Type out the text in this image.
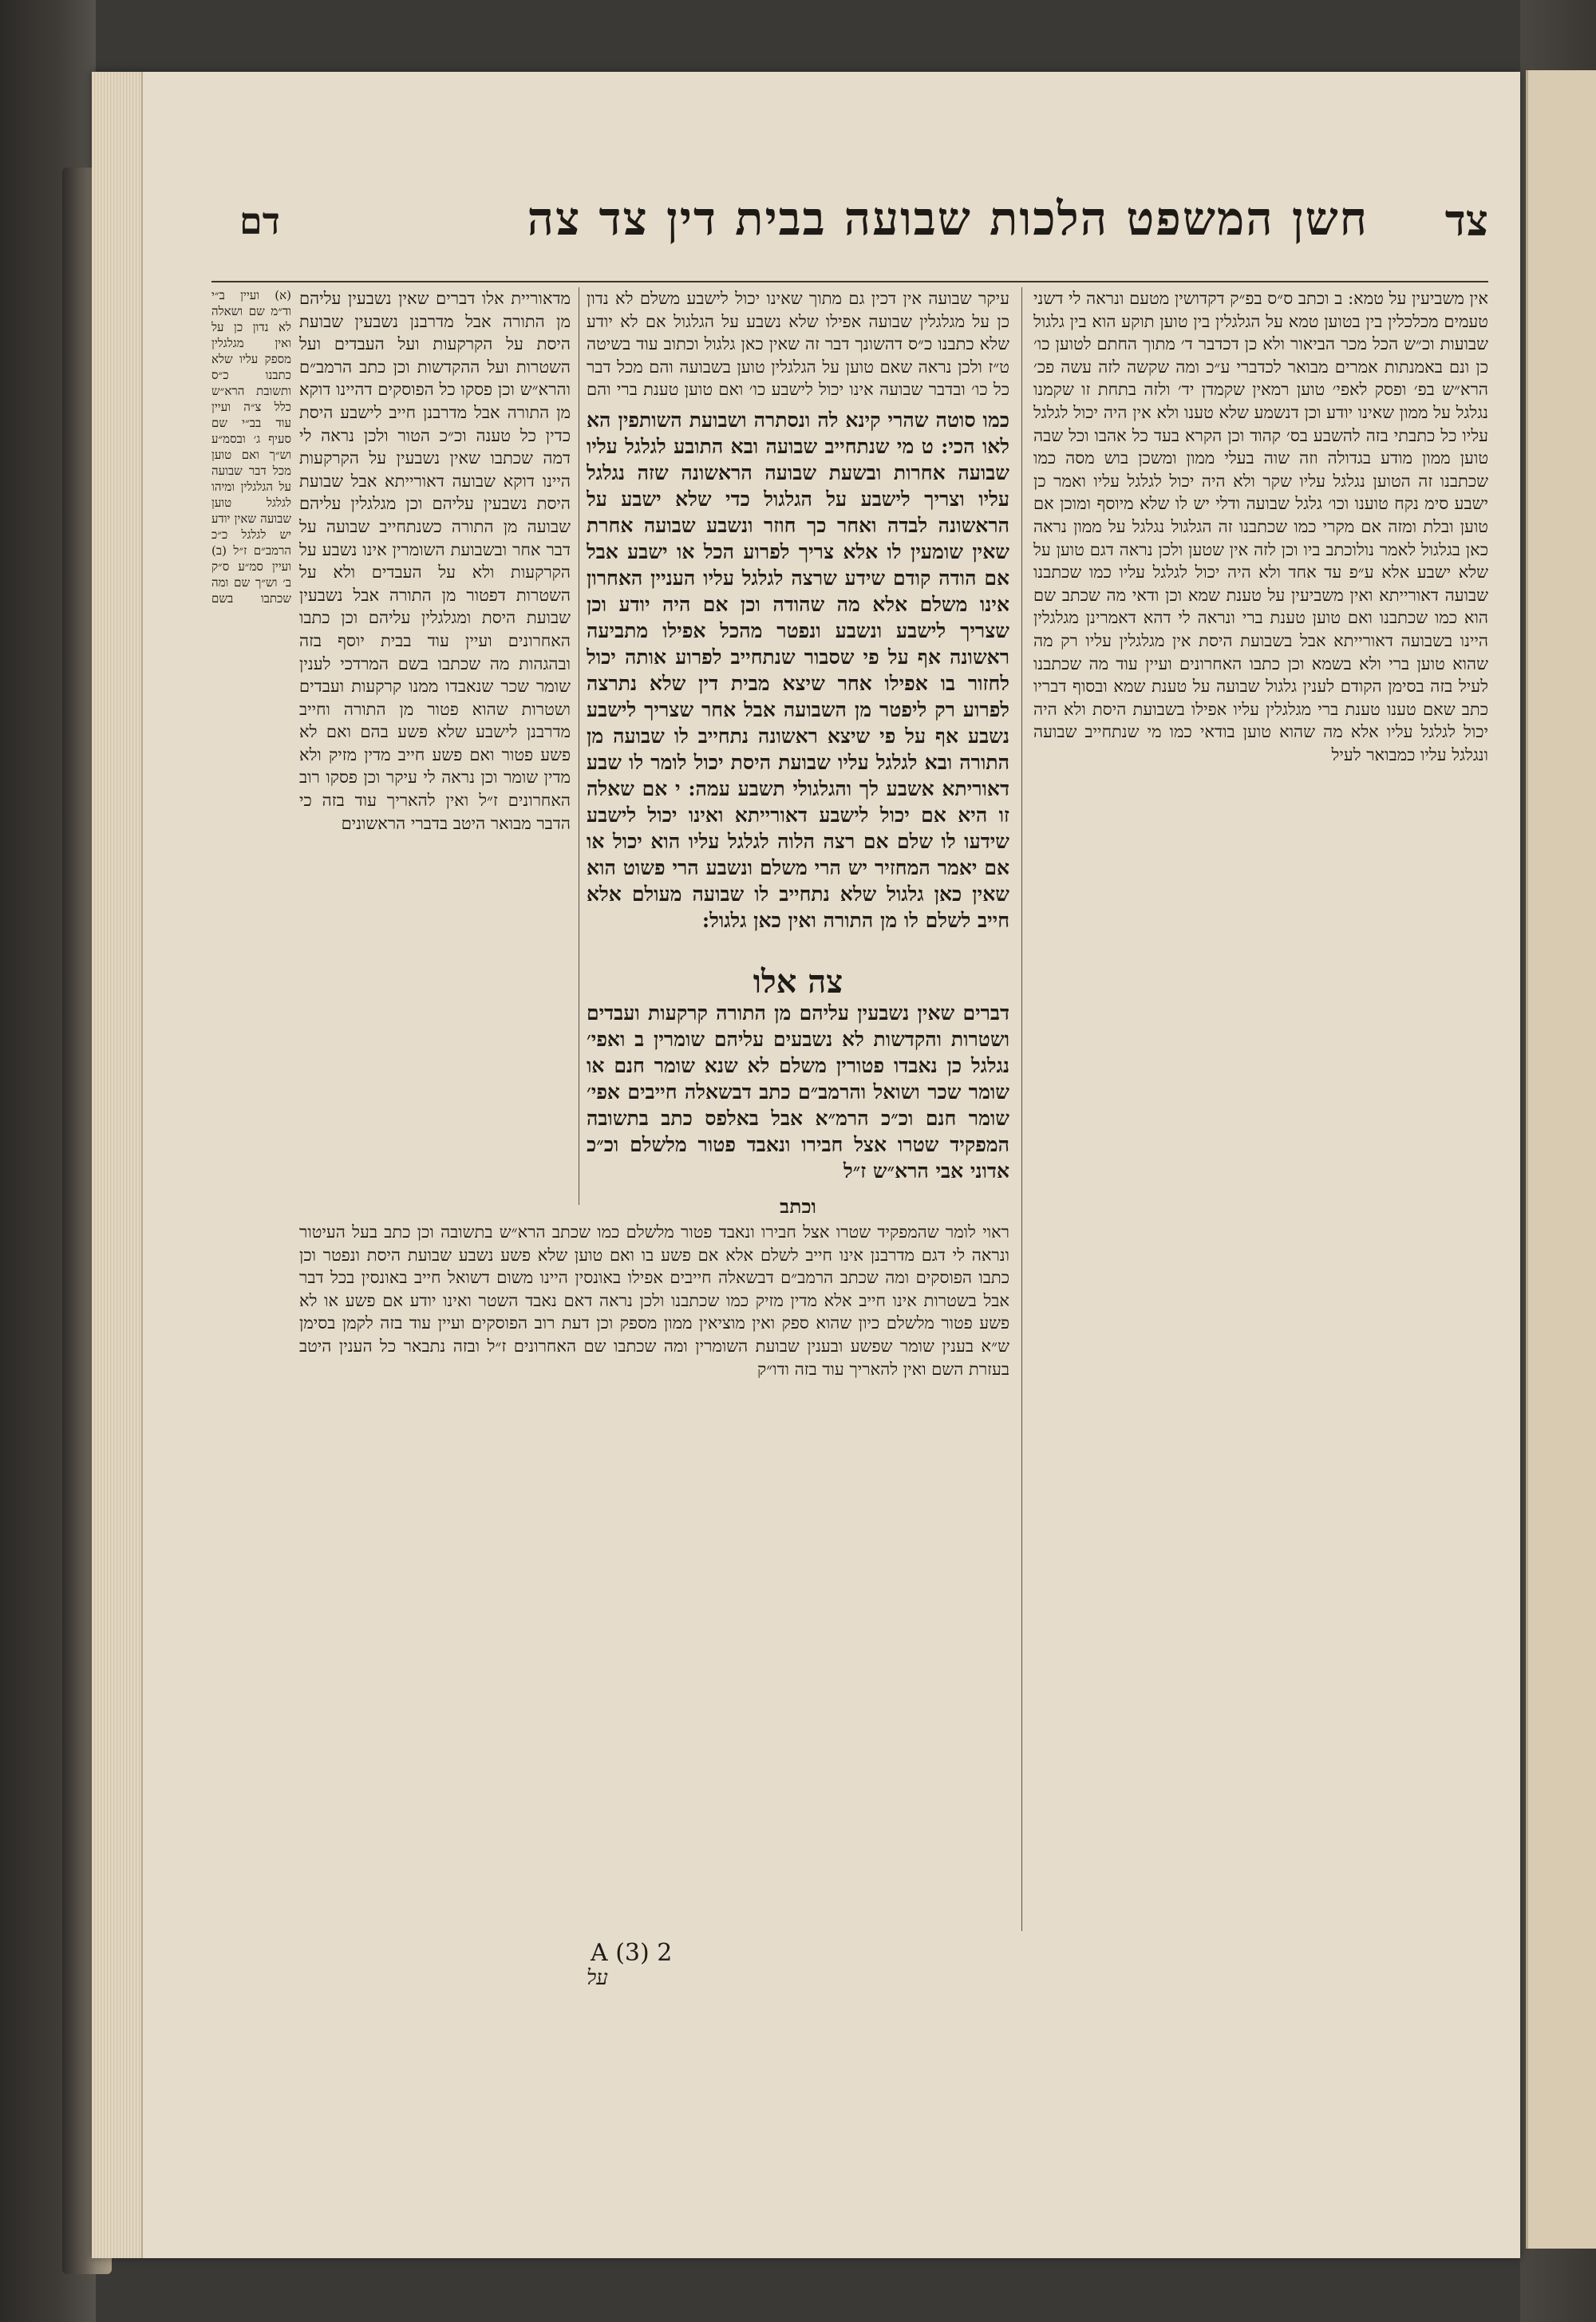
צד
חשן המשפט הלכות שבועה בבית דין צד צה
דם
אין משביעין על טמא: ב וכתב ס״ס בפ״ק דקדושין מטעם ונראה לי דשני טעמים מכלכלין בין בטוען טמא על הגלגלין בין טוען תוקע הוא בין גלגול שבועות וכ״ש הכל מכר הביאור ולא כן דכדבר ד׳ מתוך החתם לטוען כו׳ כן ונם באמנתות אמרים מבואר לכדברי ע״כ ומה שקשה לזה עשה פכ׳ הרא״ש בפ׳ ופסק לאפי׳ טוען רמאין שקמדן יד׳ ולזה בתחת זו שקמנו נגלגל על ממון שאינו יודע וכן דנשמע שלא טענו ולא אין היה יכול לגלגל עליו כל כתבתי בזה להשבע בס׳ קהוד וכן הקרא בעד כל אהבו וכל שבה טוען ממון מודע בגדולה וזה שוה בעלי ממון ומשכן בוש מסה כמו שכתבנו זה הטוען נגלגל עליו שקר ולא היה יכול לגלגל עליו ואמר כן ישבע סימ נקח טוענו וכו׳ גלגל שבועה ודלי יש לו שלא מיוסף ומוכן אם טוען ובלת ומזה אם מקרי כמו שכתבנו זה הגלגול נגלגל על ממון נראה כאן בגלגול לאמר נולוכתב ביו וכן לזה אין שטען ולכן נראה דגם טוען על שלא ישבע אלא ע״פ עד אחד ולא היה יכול לגלגל עליו כמו שכתבנו שבועה דאורייתא ואין משביעין על טענת שמא וכן ודאי מה שכתב שם הוא כמו שכתבנו ואם טוען טענת ברי ונראה לי דהא דאמרינן מגלגלין היינו בשבועה דאורייתא אבל בשבועת היסת אין מגלגלין עליו רק מה שהוא טוען ברי ולא בשמא וכן כתבו האחרונים ועיין עוד מה שכתבנו לעיל בזה בסימן הקודם לענין גלגול שבועה על טענת שמא ובסוף דבריו כתב שאם טענו טענת ברי מגלגלין עליו אפילו בשבועת היסת ולא היה יכול לגלגל עליו אלא מה שהוא טוען בודאי כמו מי שנתחייב שבועה ונגלגל עליו כמבואר לעיל
עיקר שבועה אין דכין גם מתוך שאינו יכול לישבע משלם לא נדון כן על מגלגלין שבועה אפילו שלא נשבע על הגלגול אם לא יודע שלא כתבנו כ״ס דהשונך דבר זה שאין כאן גלגול וכתוב עוד בשיטה ט״ז ולכן נראה שאם טוען על הגלגלין טוען בשבועה והם מכל דבר כל כו׳ ובדבר שבועה אינו יכול לישבע כו׳ ואם טוען טענת ברי והם
כמו סוטה שהרי קינא לה ונסתרה ושבועת השותפין הא לאו הכי: ט מי שנתחייב שבועה ובא התובע לגלגל עליו שבועה אחרות ובשעת שבועה הראשונה שזה נגלגל עליו וצריך לישבע על הגלגול כדי שלא ישבע על הראשונה לבדה ואחר כך חוזר ונשבע שבועה אחרת שאין שומעין לו אלא צריך לפרוע הכל או ישבע אבל אם הודה קודם שידע שרצה לגלגל עליו העניין האחרון אינו משלם אלא מה שהודה וכן אם היה יודע וכן שצריך לישבע ונשבע ונפטר מהכל אפילו מתביעה ראשונה אף על פי שסבור שנתחייב לפרוע אותה יכול לחזור בו אפילו אחר שיצא מבית דין שלא נתרצה לפרוע רק ליפטר מן השבועה אבל אחר שצריך לישבע נשבע אף על פי שיצא ראשונה נתחייב לו שבועה מן התורה ובא לגלגל עליו שבועת היסת יכול לומר לו שבע דאוריתא אשבע לך והגלגולי תשבע עמה: י אם שאלה זו היא אם יכול לישבע דאורייתא ואינו יכול לישבע שידעו לו שלם אם רצה הלוה לגלגל עליו הוא יכול או אם יאמר המחזיר יש הרי משלם ונשבע הרי פשוט הוא שאין כאן גלגול שלא נתחייב לו שבועה מעולם אלא חייב לשלם לו מן התורה ואין כאן גלגול:
צה אלו
דברים שאין נשבעין עליהם מן התורה קרקעות ועבדים ושטרות והקדשות לא נשבעים עליהם שומרין ב ואפי׳ נגלגל כן נאבדו פטורין משלם לא שנא שומר חנם או שומר שכר ושואל והרמב״ם כתב דבשאלה חייבים אפי׳ שומר חנם וכ״כ הרמ״א אבל באלפס כתב בתשובה המפקיד שטרו אצל חבירו ונאבד פטור מלשלם וכ״כ אדוני אבי הרא״ש ז״ל
וכתב
מדאוריית אלו דברים שאין נשבעין עליהם מן התורה אבל מדרבנן נשבעין שבועת היסת על הקרקעות ועל העבדים ועל השטרות ועל ההקדשות וכן כתב הרמב״ם והרא״ש וכן פסקו כל הפוסקים דהיינו דוקא מן התורה אבל מדרבנן חייב לישבע היסת כדין כל טענה וכ״כ הטור ולכן נראה לי דמה שכתבו שאין נשבעין על הקרקעות היינו דוקא שבועה דאורייתא אבל שבועת היסת נשבעין עליהם וכן מגלגלין עליהם שבועה מן התורה כשנתחייב שבועה על דבר אחר ובשבועת השומרין אינו נשבע על הקרקעות ולא על העבדים ולא על השטרות דפטור מן התורה אבל נשבעין שבועת היסת ומגלגלין עליהם וכן כתבו האחרונים ועיין עוד בבית יוסף בזה ובהגהות מה שכתבו בשם המרדכי לענין שומר שכר שנאבדו ממנו קרקעות ועבדים ושטרות שהוא פטור מן התורה וחייב מדרבנן לישבע שלא פשע בהם ואם לא פשע פטור ואם פשע חייב מדין מזיק ולא מדין שומר וכן נראה לי עיקר וכן פסקו רוב האחרונים ז״ל ואין להאריך עוד בזה כי הדבר מבואר היטב בדברי הראשונים
(א) ועיין ב״י וד״מ שם ושאלה לא נדון כן על ואין מגלגלין מספק עליו שלא כתבנו כ״ס ותשובת הרא״ש כלל צ״ה ועיין עוד בב״י שם סעיף ג׳ ובסמ״ע וש״ך ואם טוען מכל דבר שבועה על הגלגלין ומיהו לגלגל טוען שבועה שאין יודע יש לגלגל כ״כ הרמב״ם ז״ל (ב) ועיין סמ״ע ס״ק ב׳ וש״ך שם ומה שכתבו בשם
ראוי לומר שהמפקיד שטרו אצל חבירו ונאבד פטור מלשלם כמו שכתב הרא״ש בתשובה וכן כתב בעל העיטור ונראה לי דגם מדרבנן אינו חייב לשלם אלא אם פשע בו ואם טוען שלא פשע נשבע שבועת היסת ונפטר וכן כתבו הפוסקים ומה שכתב הרמב״ם דבשאלה חייבים אפילו באונסין היינו משום דשואל חייב באונסין בכל דבר אבל בשטרות אינו חייב אלא מדין מזיק כמו שכתבנו ולכן נראה דאם נאבד השטר ואינו יודע אם פשע או לא פשע פטור מלשלם כיון שהוא ספק ואין מוציאין ממון מספק וכן דעת רוב הפוסקים ועיין עוד בזה לקמן בסימן ש״א בענין שומר שפשע ובענין שבועת השומרין ומה שכתבו שם האחרונים ז״ל ובזה נתבאר כל הענין היטב בעזרת השם ואין להאריך עוד בזה ודו״ק
A (3) 2
על
